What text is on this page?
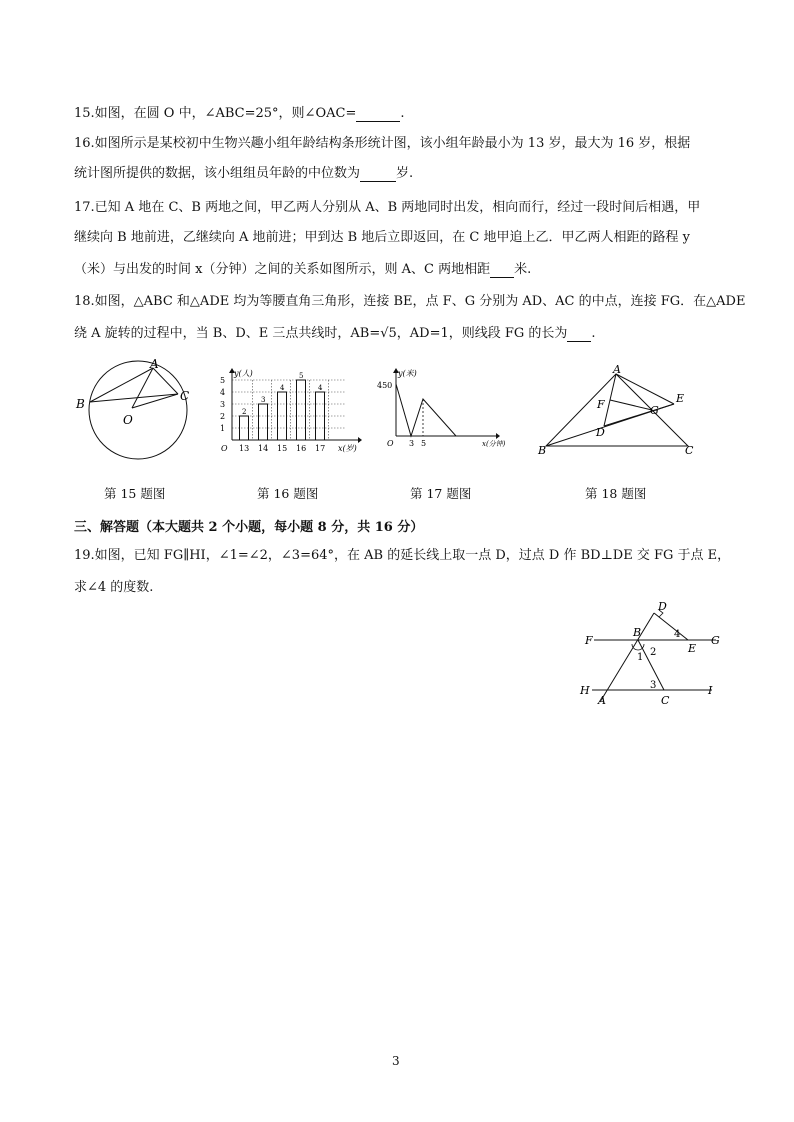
15.如图，在圆 O 中，∠ABC=25°，则∠OAC=	.
16.如图所示是某校初中生物兴趣小组年龄结构条形统计图，该小组年龄最小为 13 岁，最大为 16 岁，根据
统计图所提供的数据，该小组组员年龄的中位数为	岁.
17.已知 A 地在 C、B 两地之间，甲乙两人分别从 A、B 两地同时出发，相向而行，经过一段时间后相遇，甲
继续向 B 地前进，乙继续向 A 地前进；甲到达 B 地后立即返回，在 C 地甲追上乙．甲乙两人相距的路程 y
（米）与出发的时间 x（分钟）之间的关系如图所示，则 A、C 两地相距 米.
18.如图，△ABC 和△ADE 均为等腰直角三角形，连接 BE，点 F、G 分别为 AD、AC 的中点，连接 FG．在△ADE
绕 A 旋转的过程中，当 B、D、E 三点共线时，AB=√5，AD=1，则线段 FG 的长为 .
A
B
C
O
y(人)
x(岁)
O
1
2
3
4
5
2
3
4
5
4
13 14 15 16 17
y(米)
x(分钟)
450
O 3 5
A
B	C
D
E
F	G
第 15 题图	第 16 题图	第 17 题图	第 18 题图
三、解答题（本大题共 2 个小题，每小题 8 分，共 16 分）
19.如图，已知 FG∥HI，∠1=∠2，∠3=64°，在 AB 的延长线上取一点 D，过点 D 作 BD⊥DE 交 FG 于点 E，
求∠4 的度数.
D
F
B
G
E
H
A	C
I
1 2
3
4
3
